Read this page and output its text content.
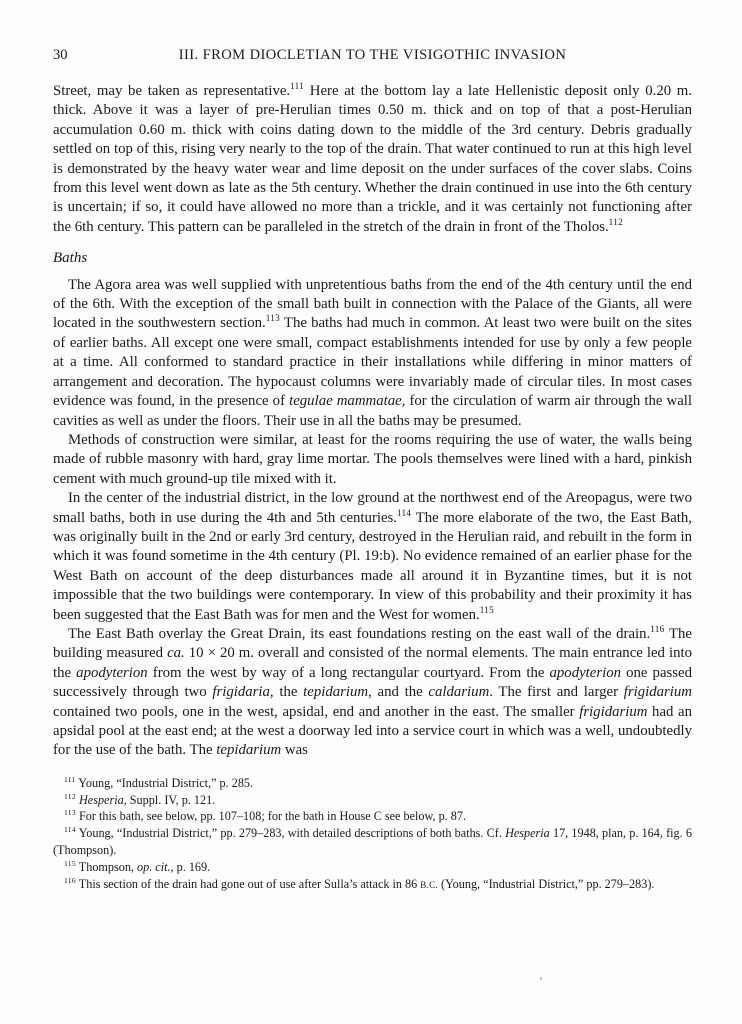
30	III. FROM DIOCLETIAN TO THE VISIGOTHIC INVASION

Street, may be taken as representative.$^{111}$ Here at the bottom lay a late Hellenistic deposit only 0.20 m. thick. Above it was a layer of pre-Herulian times 0.50 m. thick and on top of that a post-Herulian accumulation 0.60 m. thick with coins dating down to the middle of the 3rd century. Debris gradually settled on top of this, rising very nearly to the top of the drain. That water continued to run at this high level is demonstrated by the heavy water wear and lime deposit on the under surfaces of the cover slabs. Coins from this level went down as late as the 5th century. Whether the drain continued in use into the 6th century is uncertain; if so, it could have allowed no more than a trickle, and it was certainly not functioning after the 6th century. This pattern can be paralleled in the stretch of the drain in front of the Tholos.$^{112}$

Baths

The Agora area was well supplied with unpretentious baths from the end of the 4th century until the end of the 6th. With the exception of the small bath built in connection with the Palace of the Giants, all were located in the southwestern section.$^{113}$ The baths had much in common. At least two were built on the sites of earlier baths. All except one were small, compact establishments intended for use by only a few people at a time. All conformed to standard practice in their installations while differing in minor matters of arrangement and decoration. The hypocaust columns were invariably made of circular tiles. In most cases evidence was found, in the presence of tegulae mammatae, for the circulation of warm air through the wall cavities as well as under the floors. Their use in all the baths may be presumed.

Methods of construction were similar, at least for the rooms requiring the use of water, the walls being made of rubble masonry with hard, gray lime mortar. The pools themselves were lined with a hard, pinkish cement with much ground-up tile mixed with it.

In the center of the industrial district, in the low ground at the northwest end of the Areopagus, were two small baths, both in use during the 4th and 5th centuries.$^{114}$ The more elaborate of the two, the East Bath, was originally built in the 2nd or early 3rd century, destroyed in the Herulian raid, and rebuilt in the form in which it was found sometime in the 4th century (Pl. 19:b). No evidence remained of an earlier phase for the West Bath on account of the deep disturbances made all around it in Byzantine times, but it is not impossible that the two buildings were contemporary. In view of this probability and their proximity it has been suggested that the East Bath was for men and the West for women.$^{115}$

The East Bath overlay the Great Drain, its east foundations resting on the east wall of the drain.$^{116}$ The building measured ca. 10 × 20 m. overall and consisted of the normal elements. The main entrance led into the apodyterion from the west by way of a long rectangular courtyard. From the apodyterion one passed successively through two frigidaria, the tepidarium, and the caldarium. The first and larger frigidarium contained two pools, one in the west, apsidal, end and another in the east. The smaller frigidarium had an apsidal pool at the east end; at the west a doorway led into a service court in which was a well, undoubtedly for the use of the bath. The tepidarium was

$^{111}$ Young, “Industrial District,” p. 285.

$^{112}$ Hesperia, Suppl. IV, p. 121.

$^{113}$ For this bath, see below, pp. 107–108; for the bath in House C see below, p. 87.

$^{114}$ Young, “Industrial District,” pp. 279–283, with detailed descriptions of both baths. Cf. Hesperia 17, 1948, plan, p. 164, fig. 6 (Thompson).

$^{115}$ Thompson, op. cit., p. 169.

$^{116}$ This section of the drain had gone out of use after Sulla’s attack in 86 B.C. (Young, “Industrial District,” pp. 279–283).
